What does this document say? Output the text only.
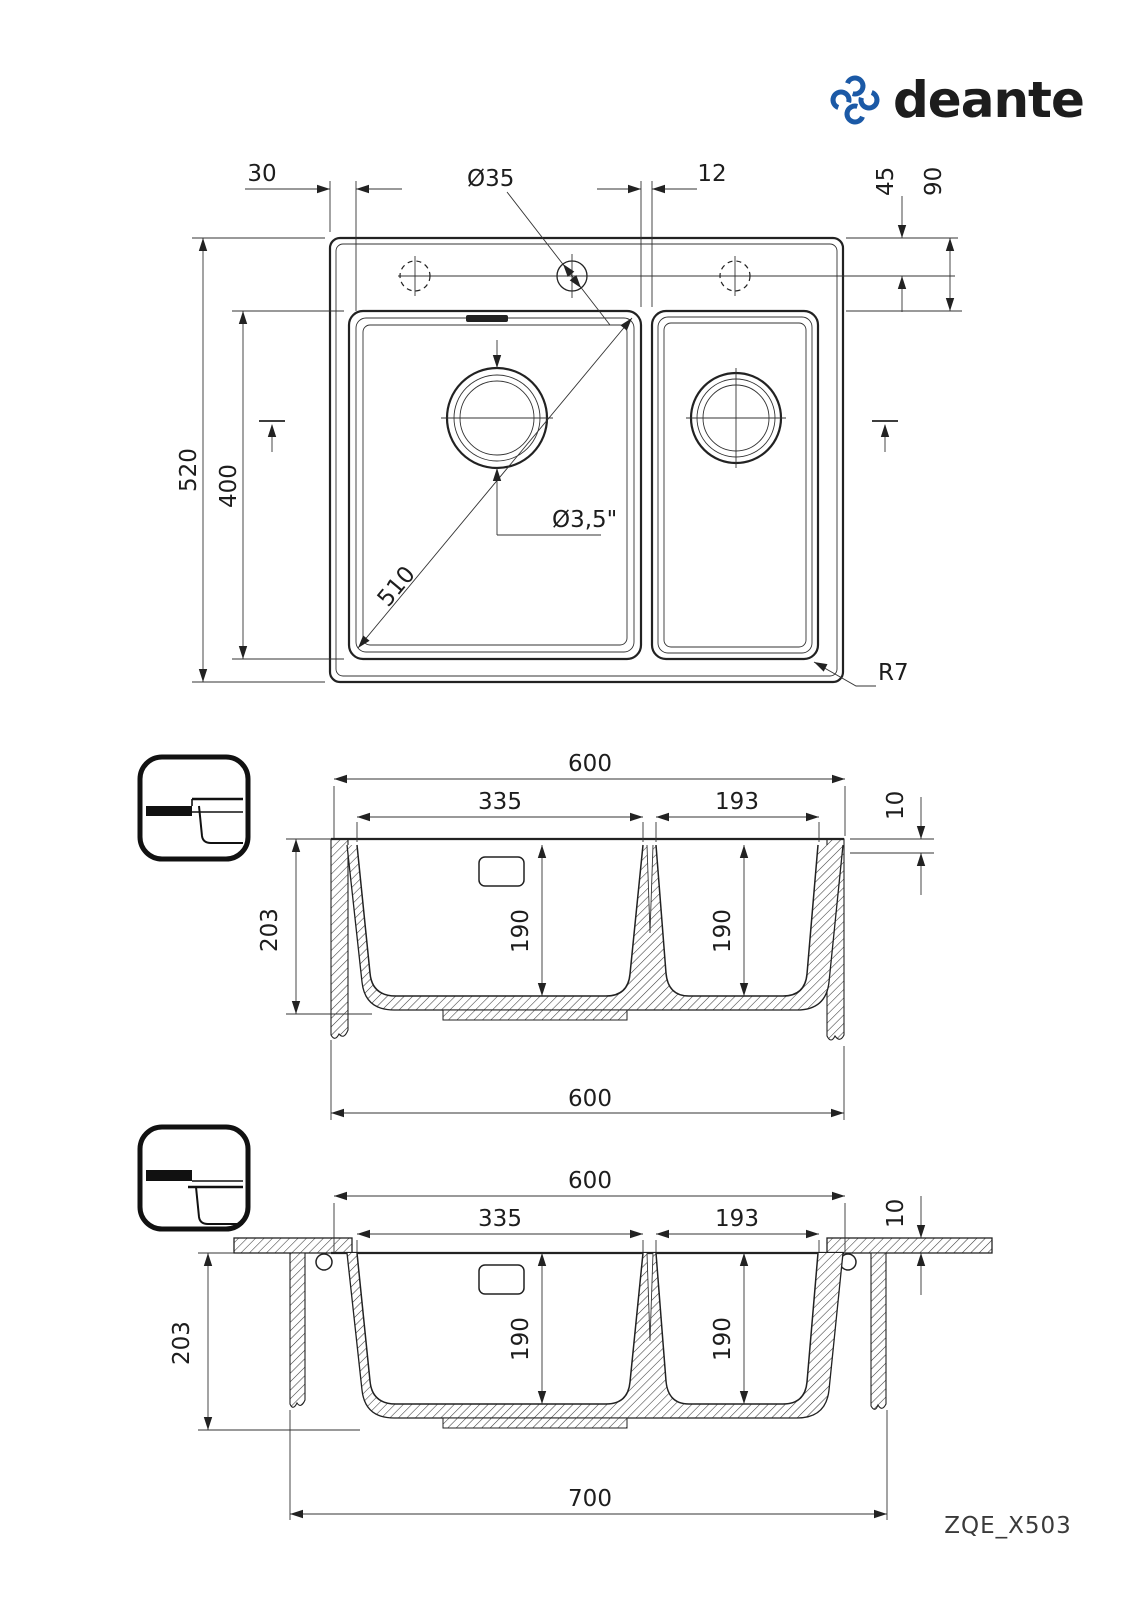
deante
30	12
Ø35	45 90
520 400
510
Ø3,5"
R7
600
335	193	10
203	190	190
600
600
335	193	10
203	190	190
700
ZQE_X503
